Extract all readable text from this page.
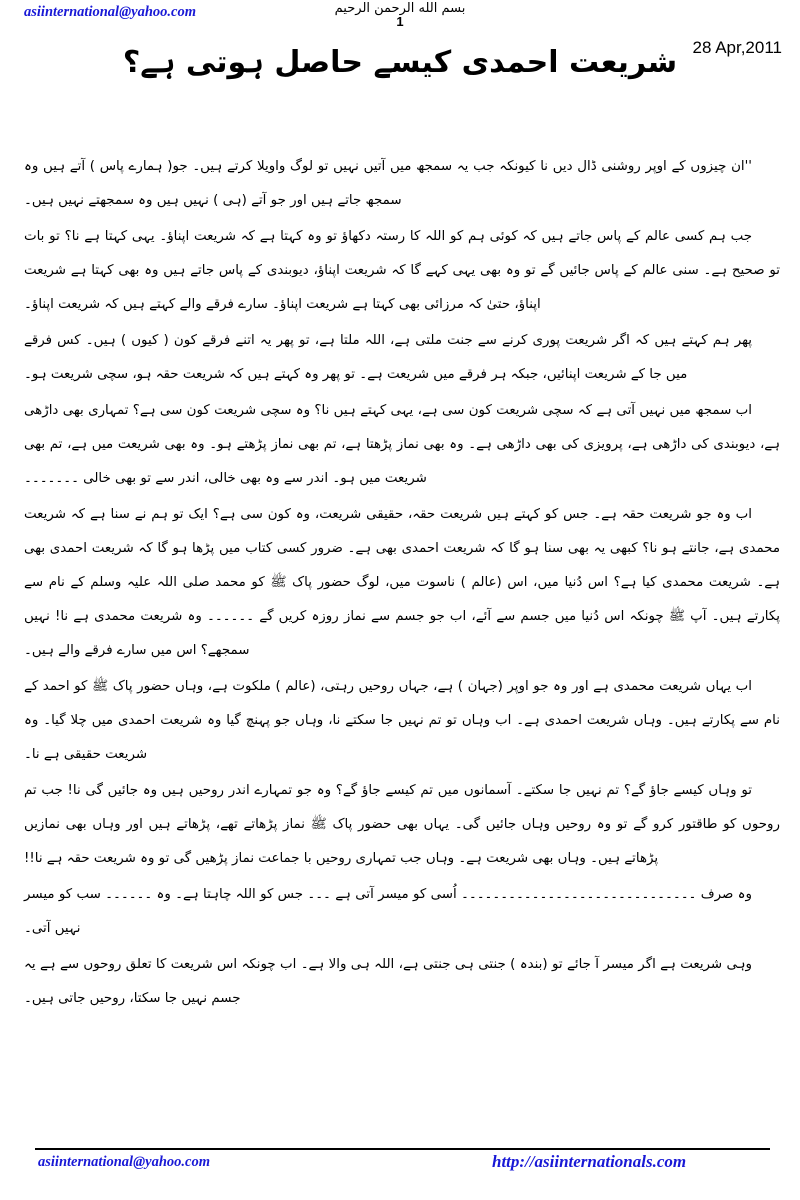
asiinternational@yahoo.com	بسم الله الرحمن الرحيم
1
28 Apr,2011
شریعت احمدی کیسے حاصل ہوتی ہے؟

''ان چیزوں کے اوپر روشنی ڈال دیں نا کیونکہ جب یہ سمجھ میں آتیں نہیں تو لوگ واویلا کرتے ہیں۔ جو( ہمارے پاس ) آتے ہیں وہ سمجھ جاتے ہیں اور جو آتے (ہی ) نہیں ہیں وہ سمجھتے نہیں ہیں۔

جب ہم کسی عالم کے پاس جاتے ہیں کہ کوئی ہم کو اللہ کا رستہ دکھاؤ تو وہ کہتا ہے کہ شریعت اپناؤ۔ یہی کہتا ہے نا؟ تو بات تو صحیح ہے۔ سنی عالم کے پاس جائیں گے تو وہ بھی یہی کہے گا کہ شریعت اپناؤ، دیوبندی کے پاس جاتے ہیں وہ بھی کہتا ہے شریعت اپناؤ، حتیٰ کہ مرزائی بھی کہتا ہے شریعت اپناؤ۔ سارے فرقے والے کہتے ہیں کہ شریعت اپناؤ۔

پھر ہم کہتے ہیں کہ اگر شریعت پوری کرنے سے جنت ملتی ہے، اللہ ملتا ہے، تو پھر یہ اتنے فرقے کون ( کیوں ) ہیں۔ کس فرقے میں جا کے شریعت اپنائیں، جبکہ ہر فرقے میں شریعت ہے۔ تو پھر وہ کہتے ہیں کہ شریعت حقہ ہو، سچی شریعت ہو۔

اب سمجھ میں نہیں آتی ہے کہ سچی شریعت کون سی ہے، یہی کہتے ہیں نا؟ وہ سچی شریعت کون سی ہے؟ تمہاری بھی داڑھی ہے، دیوبندی کی داڑھی ہے، پرویزی کی بھی داڑھی ہے۔ وہ بھی نماز پڑھتا ہے، تم بھی نماز پڑھتے ہو۔ وہ بھی شریعت میں ہے، تم بھی شریعت میں ہو۔ اندر سے وہ بھی خالی، اندر سے تو بھی خالی ۔۔۔۔۔۔۔

اب وہ جو شریعت حقہ ہے۔ جس کو کہتے ہیں شریعت حقہ، حقیقی شریعت، وہ کون سی ہے؟ ایک تو ہم نے سنا ہے کہ شریعت محمدی ہے، جانتے ہو نا؟ کبھی یہ بھی سنا ہو گا کہ شریعت احمدی بھی ہے۔ ضرور کسی کتاب میں پڑھا ہو گا کہ شریعت احمدی بھی ہے۔ شریعت محمدی کیا ہے؟ اس دُنیا میں، اس (عالم ) ناسوت میں، لوگ حضور پاک ﷺ کو محمد صلی اللہ علیہ وسلم کے نام سے پکارتے ہیں۔ آپ ﷺ چونکہ اس دُنیا میں جسم سے آئے، اب جو جسم سے نماز روزہ کریں گے ۔۔۔۔۔۔ وہ شریعت محمدی ہے نا! نہیں سمجھے؟ اس میں سارے فرقے والے ہیں۔

اب یہاں شریعت محمدی ہے اور وہ جو اوپر (جہان ) ہے، جہاں روحیں رہتی، (عالم ) ملکوت ہے، وہاں حضور پاک ﷺ کو احمد کے نام سے پکارتے ہیں۔ وہاں شریعت احمدی ہے۔ اب وہاں تو تم نہیں جا سکتے نا، وہاں جو پہنچ گیا وہ شریعت احمدی میں چلا گیا۔ وہ شریعت حقیقی ہے نا۔

تو وہاں کیسے جاؤ گے؟ تم نہیں جا سکتے۔ آسمانوں میں تم کیسے جاؤ گے؟ وہ جو تمہارے اندر روحیں ہیں وہ جائیں گی نا! جب تم روحوں کو طاقتور کرو گے تو وہ روحیں وہاں جائیں گی۔ یہاں بھی حضور پاک ﷺ نماز پڑھاتے تھے، پڑھاتے ہیں اور وہاں بھی نمازیں پڑھاتے ہیں۔ وہاں بھی شریعت ہے۔ وہاں جب تمہاری روحیں با جماعت نماز پڑھیں گی تو وہ شریعت حقہ ہے نا!!

وہ صرف ۔۔۔۔۔۔۔۔۔۔۔۔۔۔۔۔۔۔۔۔۔۔۔۔۔۔۔۔۔۔ اُسی کو میسر آتی ہے ۔۔۔ جس کو اللہ چاہتا ہے۔ وہ ۔۔۔۔۔۔ سب کو میسر نہیں آتی۔

وہی شریعت ہے اگر میسر آ جائے تو (بندہ ) جنتی ہی جنتی ہے، اللہ ہی والا ہے۔ اب چونکہ اس شریعت کا تعلق روحوں سے ہے یہ جسم نہیں جا سکتا، روحیں جاتی ہیں۔

asiinternational@yahoo.com	http://asiinternationals.com
